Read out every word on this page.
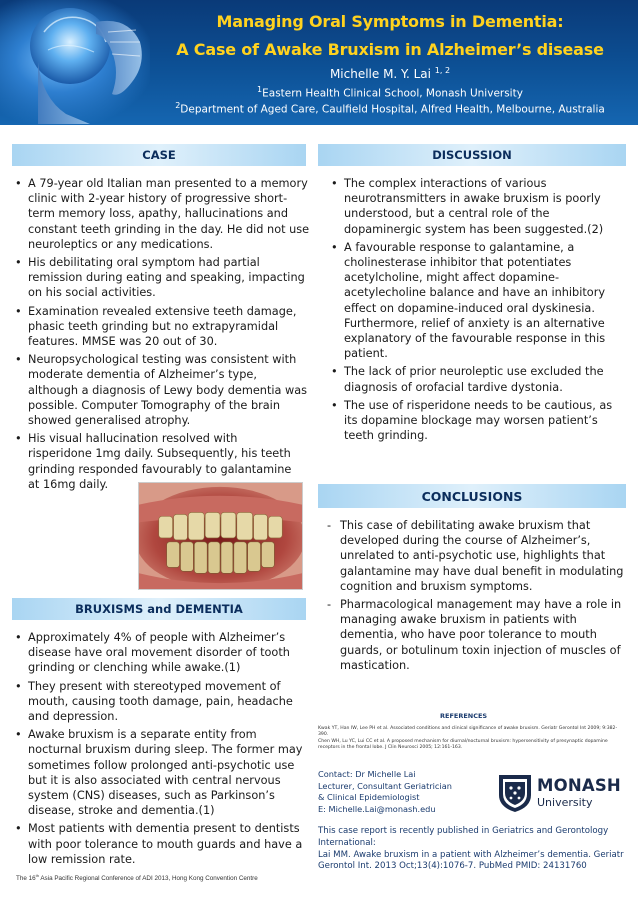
Managing Oral Symptoms in Dementia:
A Case of Awake Bruxism in Alzheimer’s disease
Michelle M. Y. Lai $^{1, 2}$
$^1$Eastern Health Clinical School, Monash University
$^2$Department of Aged Care, Caulfield Hospital, Alfred Health, Melbourne, Australia
CASE
• A 79-year old Italian man presented to a memory clinic with 2-year history of progressive short-term memory loss, apathy, hallucinations and constant teeth grinding in the day. He did not use neuroleptics or any medications.
• His debilitating oral symptom had partial remission during eating and speaking, impacting on his social activities.
• Examination revealed extensive teeth damage, phasic teeth grinding but no extrapyramidal features. MMSE was 20 out of 30.
• Neuropsychological testing was consistent with moderate dementia of Alzheimer’s type, although a diagnosis of Lewy body dementia was possible. Computer Tomography of the brain showed generalised atrophy.
• His visual hallucination resolved with
risperidone 1mg daily. Subsequently, his teeth
grinding responded favourably to galantamine
at 16mg daily.
BRUXISMS and DEMENTIA
• Approximately 4% of people with Alzheimer’s disease have oral movement disorder of tooth grinding or clenching while awake.(1)
• They present with stereotyped movement of mouth, causing tooth damage, pain, headache and depression.
• Awake bruxism is a separate entity from nocturnal bruxism during sleep. The former may sometimes follow prolonged anti-psychotic use but it is also associated with central nervous system (CNS) diseases, such as Parkinson’s disease, stroke and dementia.(1)
• Most patients with dementia present to dentists with poor tolerance to mouth guards and have a low remission rate.
DISCUSSION
• The complex interactions of various neurotransmitters in awake bruxism is poorly understood, but a central role of the dopaminergic system has been suggested.(2)
• A favourable response to galantamine, a cholinesterase inhibitor that potentiates acetylcholine, might affect dopamine-acetylecholine balance and have an inhibitory effect on dopamine-induced oral dyskinesia. Furthermore, relief of anxiety is an alternative explanatory of the favourable response in this patient.
• The lack of prior neuroleptic use excluded the diagnosis of orofacial tardive dystonia.
• The use of risperidone needs to be cautious, as its dopamine blockage may worsen patient’s teeth grinding.
CONCLUSIONS
- This case of debilitating awake bruxism that developed during the course of Alzheimer’s, unrelated to anti-psychotic use, highlights that galantamine may have dual benefit in modulating cognition and bruxism symptoms.
- Pharmacological management may have a role in managing awake bruxism in patients with dementia, who have poor tolerance to mouth guards, or botulinum toxin injection of muscles of mastication.
REFERENCES
Kwak YT, Han IW, Lee PH et al. Associated conditions and clinical significance of awake bruxism. Geriatr Gerontol Int 2009; 9:382-390.
Chen WH, Lu YC, Lui CC et al. A proposed mechanism for diurnal/nocturnal bruxism: hypersensitivity of presynaptic dopamine receptors in the frontal lobe. J Clin Neurosci 2005; 12:161-163.
Contact: Dr Michelle Lai
Lecturer, Consultant Geriatrician
& Clinical Epidemiologist
E: Michelle.Lai@monash.edu
MONASH
University
This case report is recently published in Geriatrics and Gerontology International:
Lai MM. Awake bruxism in a patient with Alzheimer’s dementia. Geriatr Gerontol Int. 2013 Oct;13(4):1076-7. PubMed PMID: 24131760
The 16th Asia Pacific Regional Conference of ADI 2013, Hong Kong Convention Centre
